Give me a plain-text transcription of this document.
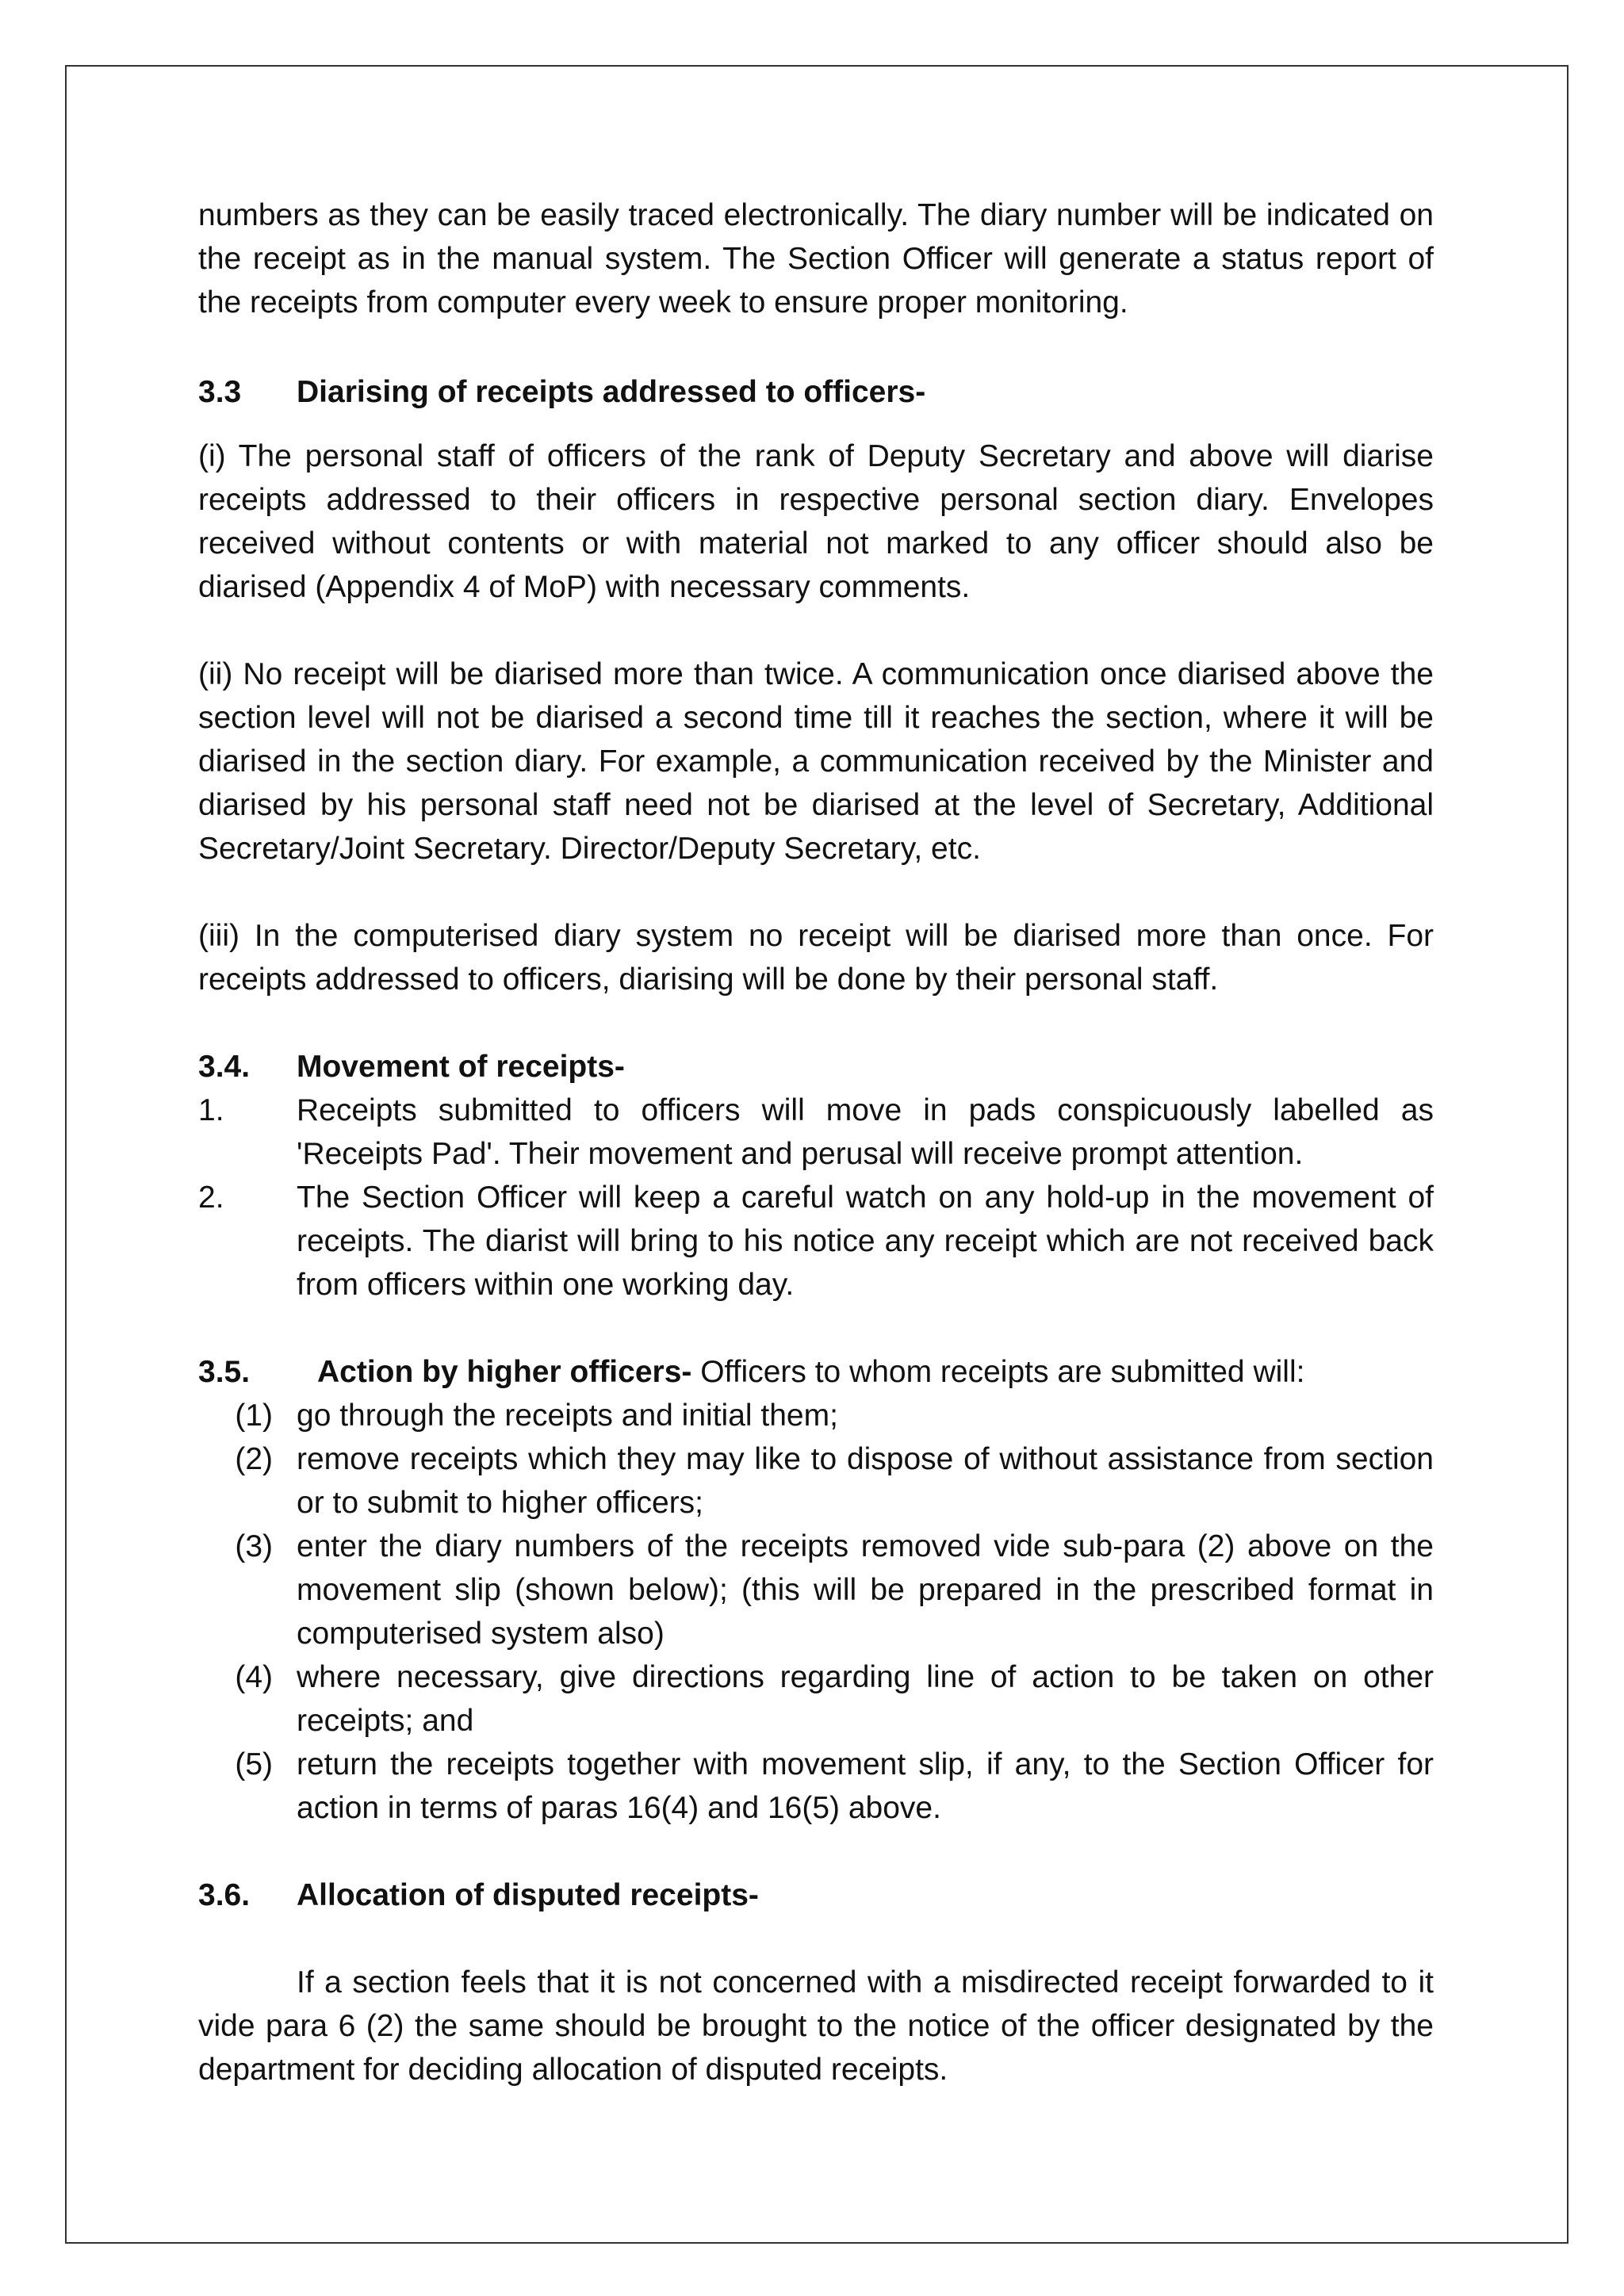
numbers as they can be easily traced electronically. The diary number will be indicated on the receipt as in the manual system. The Section Officer will generate a status report of the receipts from computer every week to ensure proper monitoring.

3.3	Diarising of receipts addressed to officers-

(i) The personal staff of officers of the rank of Deputy Secretary and above will diarise receipts addressed to their officers in respective personal section diary. Envelopes received without contents or with material not marked to any officer should also be diarised (Appendix 4 of MoP) with necessary comments.

(ii) No receipt will be diarised more than twice. A communication once diarised above the section level will not be diarised a second time till it reaches the section, where it will be diarised in the section diary. For example, a communication received by the Minister and diarised by his personal staff need not be diarised at the level of Secretary, Additional Secretary/Joint Secretary. Director/Deputy Secretary, etc.

(iii) In the computerised diary system no receipt will be diarised more than once. For receipts addressed to officers, diarising will be done by their personal staff.

3.4.	Movement of receipts-
1.	Receipts submitted to officers will move in pads conspicuously labelled as 'Receipts Pad'. Their movement and perusal will receive prompt attention.
2.	The Section Officer will keep a careful watch on any hold-up in the movement of receipts. The diarist will bring to his notice any receipt which are not received back from officers within one working day.
3.5. Action by higher officers- Officers to whom receipts are submitted will:
(1) go through the receipts and initial them;
(2) remove receipts which they may like to dispose of without assistance from section or to submit to higher officers;
(3) enter the diary numbers of the receipts removed vide sub-para (2) above on the movement slip (shown below); (this will be prepared in the prescribed format in computerised system also)
(4) where necessary, give directions regarding line of action to be taken on other receipts; and
(5) return the receipts together with movement slip, if any, to the Section Officer for action in terms of paras 16(4) and 16(5) above.
3.6.	Allocation of disputed receipts-

If a section feels that it is not concerned with a misdirected receipt forwarded to it vide para 6 (2) the same should be brought to the notice of the officer designated by the department for deciding allocation of disputed receipts.
